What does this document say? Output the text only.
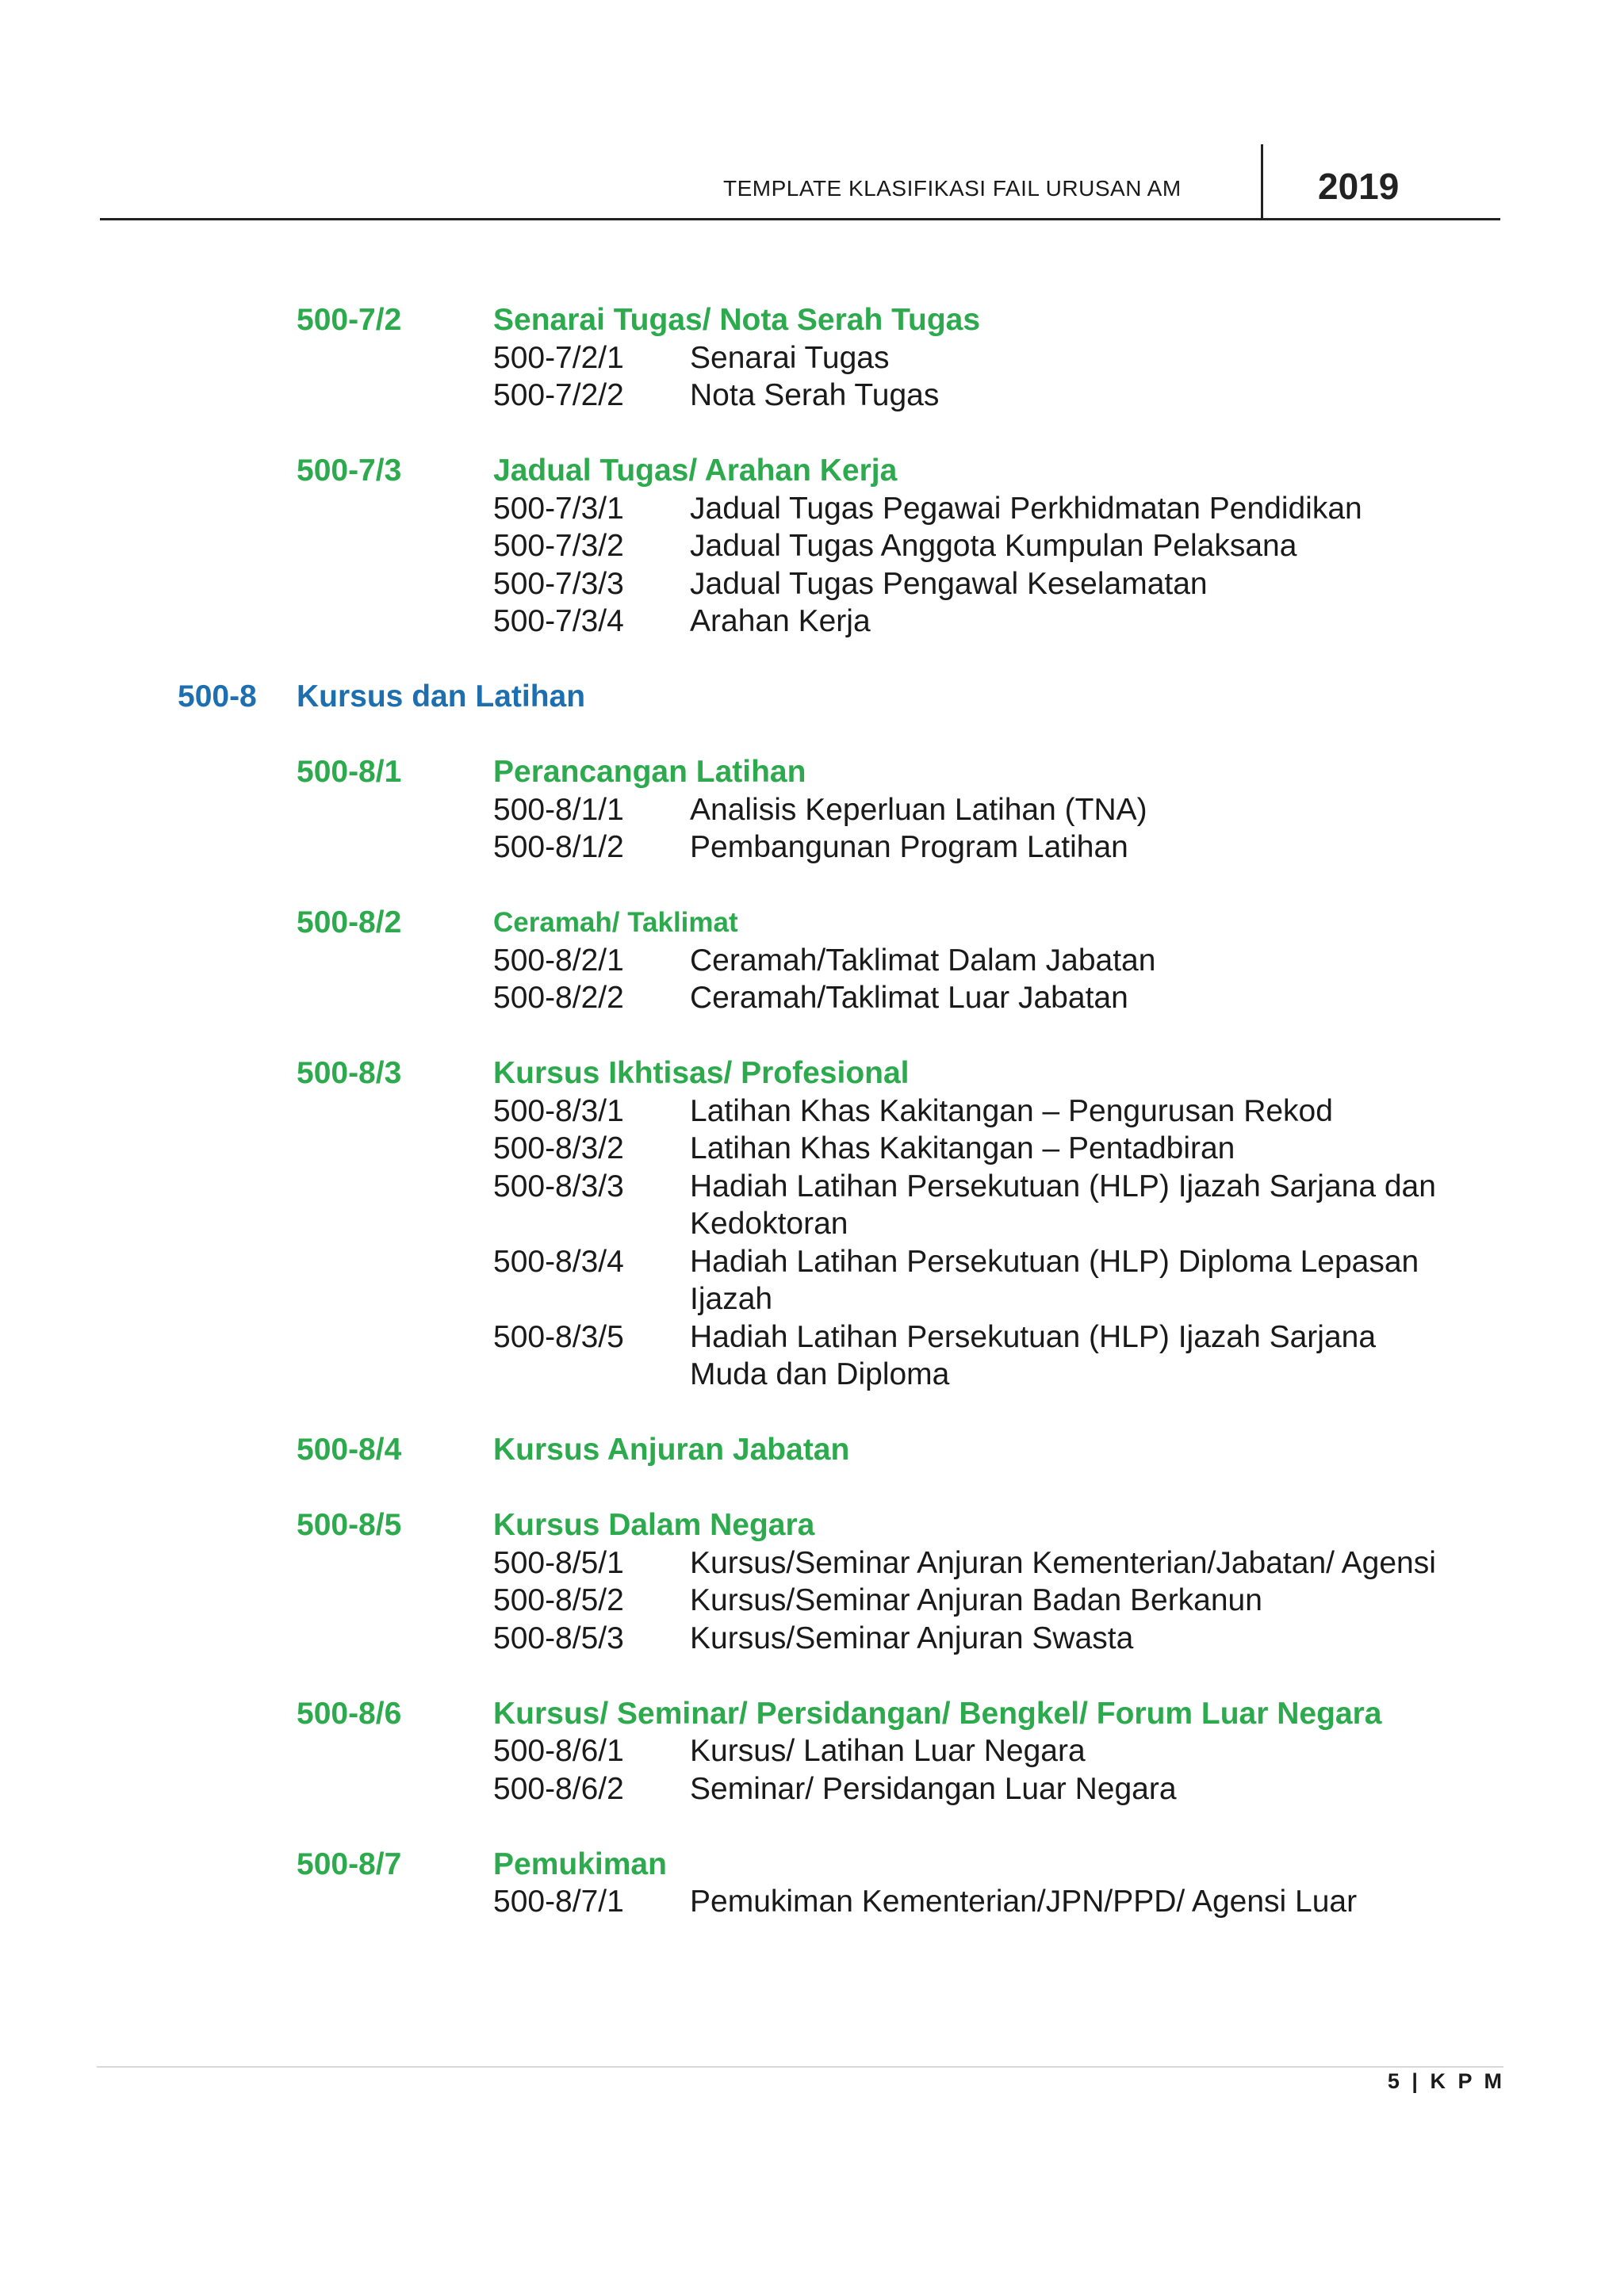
TEMPLATE KLASIFIKASI FAIL URUSAN AM	2019
500-7/2	Senarai Tugas/ Nota Serah Tugas
500-7/2/1 Senarai Tugas
500-7/2/2 Nota Serah Tugas
500-7/3	Jadual Tugas/ Arahan Kerja
500-7/3/1 Jadual Tugas Pegawai Perkhidmatan Pendidikan
500-7/3/2 Jadual Tugas Anggota Kumpulan Pelaksana
500-7/3/3 Jadual Tugas Pengawal Keselamatan
500-7/3/4 Arahan Kerja
500-8 Kursus dan Latihan
500-8/1	Perancangan Latihan
500-8/1/1 Analisis Keperluan Latihan (TNA)
500-8/1/2 Pembangunan Program Latihan
500-8/2	Ceramah/ Taklimat
500-8/2/1 Ceramah/Taklimat Dalam Jabatan
500-8/2/2 Ceramah/Taklimat Luar Jabatan
500-8/3	Kursus Ikhtisas/ Profesional
500-8/3/1 Latihan Khas Kakitangan – Pengurusan Rekod
500-8/3/2 Latihan Khas Kakitangan – Pentadbiran
500-8/3/3 Hadiah Latihan Persekutuan (HLP) Ijazah Sarjana dan
Kedoktoran
500-8/3/4 Hadiah Latihan Persekutuan (HLP) Diploma Lepasan
Ijazah
500-8/3/5 Hadiah Latihan Persekutuan (HLP) Ijazah Sarjana
Muda dan Diploma
500-8/4	Kursus Anjuran Jabatan
500-8/5	Kursus Dalam Negara
500-8/5/1 Kursus/Seminar Anjuran Kementerian/Jabatan/ Agensi
500-8/5/2 Kursus/Seminar Anjuran Badan Berkanun
500-8/5/3 Kursus/Seminar Anjuran Swasta
500-8/6	Kursus/ Seminar/ Persidangan/ Bengkel/ Forum Luar Negara
500-8/6/1 Kursus/ Latihan Luar Negara
500-8/6/2 Seminar/ Persidangan Luar Negara
500-8/7	Pemukiman
500-8/7/1 Pemukiman Kementerian/JPN/PPD/ Agensi Luar
5 | K P M
